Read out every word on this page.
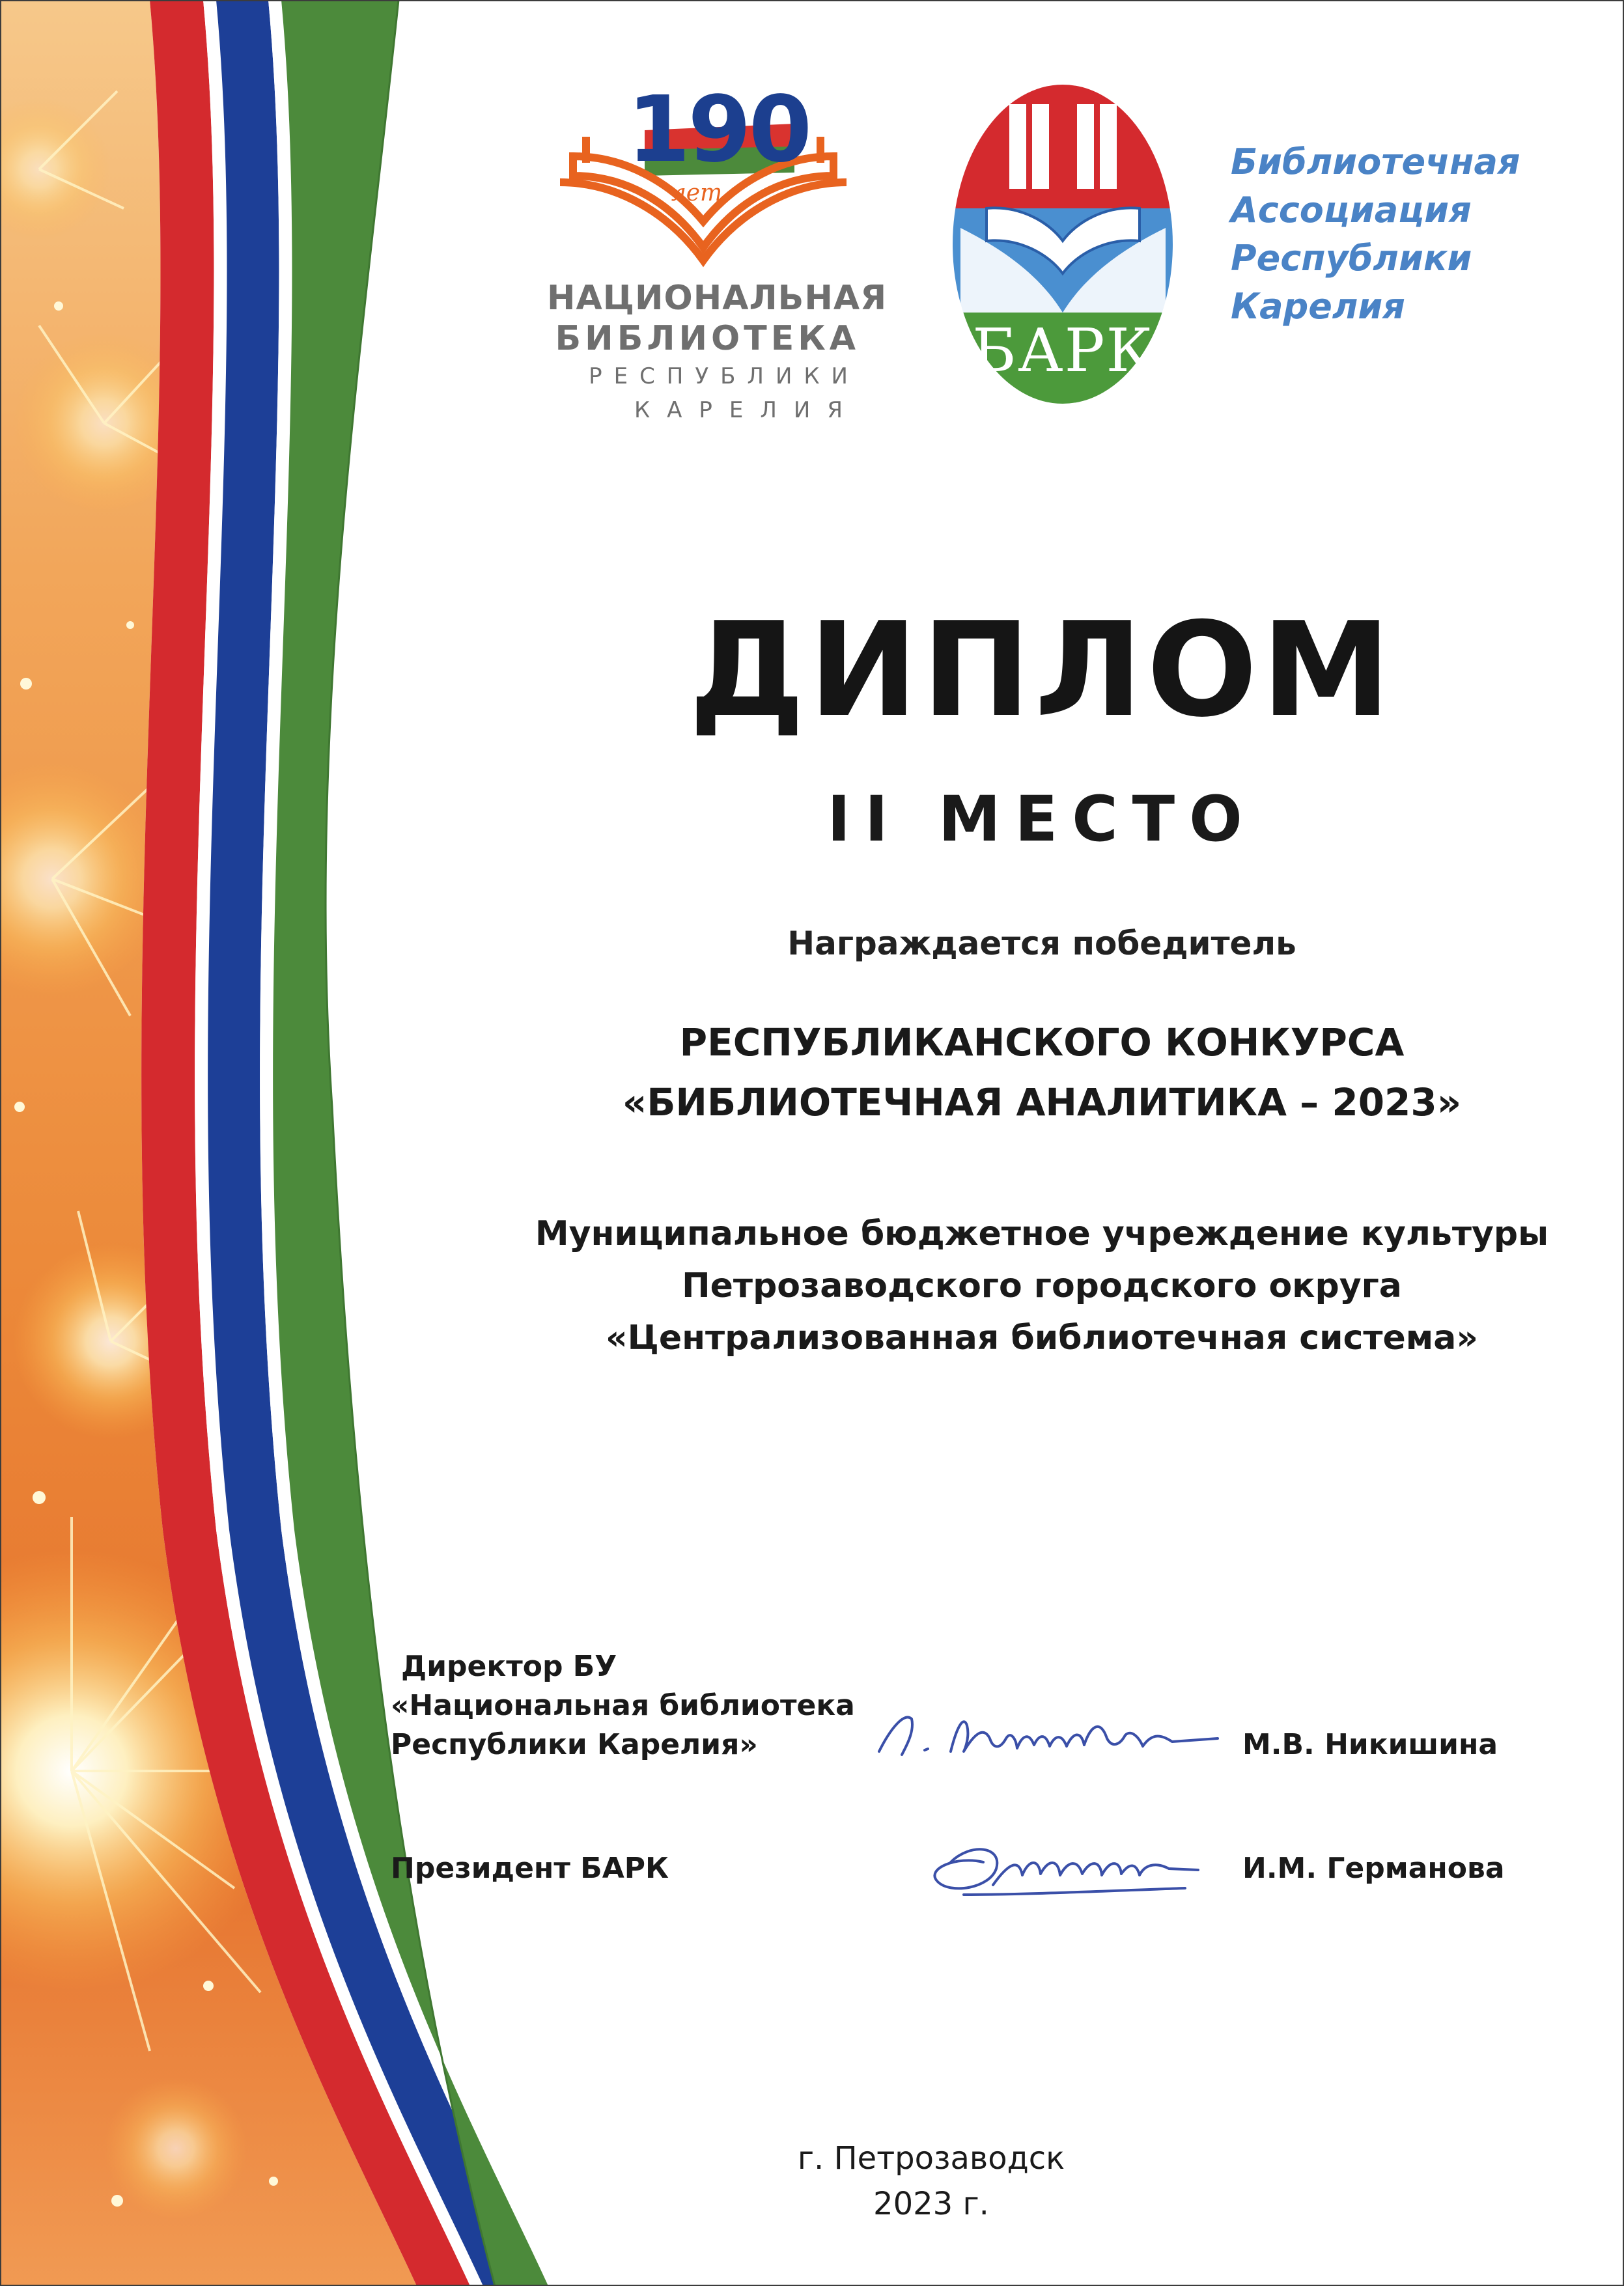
190
лет
НАЦИОНАЛЬНАЯ
БИБЛИОТЕКА
РЕСПУБЛИКИ
КАРЕЛИЯ
БАРК
Библиотечная
Ассоциация
Республики
Карелия
ДИПЛОМ
II МЕСТО
Награждается победитель
РЕСПУБЛИКАНСКОГО КОНКУРСА
«БИБЛИОТЕЧНАЯ АНАЛИТИКА – 2023»
Муниципальное бюджетное учреждение культуры
Петрозаводского городского округа
«Централизованная библиотечная система»
Директор БУ
«Национальная библиотека
Республики Карелия»	М.В. Никишина
Президент БАРК	И.М. Германова
г. Петрозаводск
2023 г.
